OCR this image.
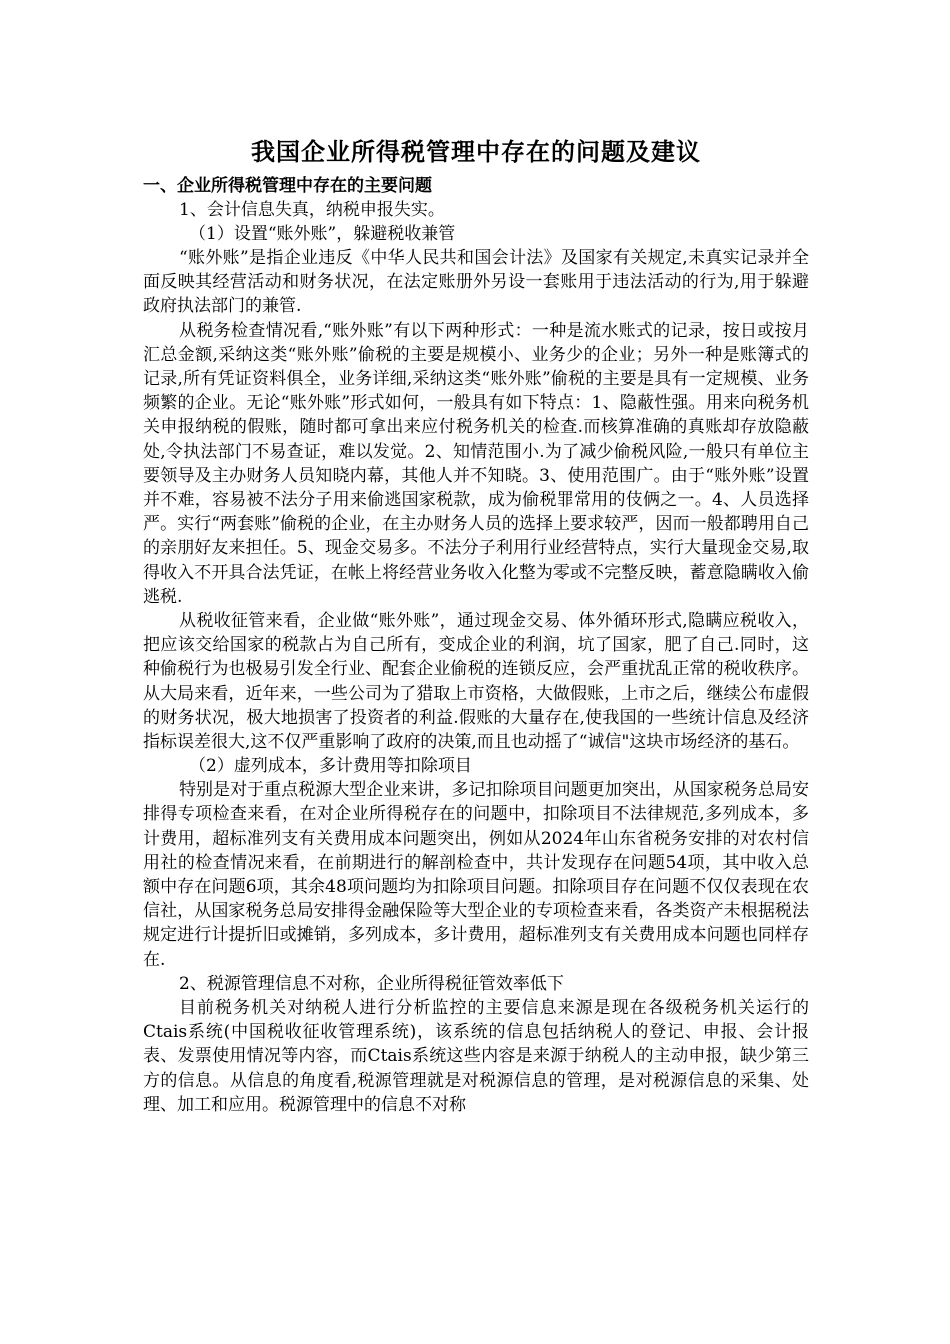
我国企业所得税管理中存在的问题及建议

一、企业所得税管理中存在的主要问题

1、会计信息失真，纳税申报失实。

（1）设置“账外账”，躲避税收兼管

“账外账”是指企业违反《中华人民共和国会计法》及国家有关规定,未真实记录并全面反映其经营活动和财务状况，在法定账册外另设一套账用于违法活动的行为,用于躲避政府执法部门的兼管.

从税务检查情况看,“账外账”有以下两种形式：一种是流水账式的记录，按日或按月汇总金额,采纳这类“账外账”偷税的主要是规模小、业务少的企业；另外一种是账簿式的记录,所有凭证资料俱全，业务详细,采纳这类“账外账”偷税的主要是具有一定规模、业务频繁的企业。无论“账外账”形式如何，一般具有如下特点：1、隐蔽性强。用来向税务机关申报纳税的假账，随时都可拿出来应付税务机关的检查.而核算准确的真账却存放隐蔽处,令执法部门不易查证，难以发觉。2、知情范围小.为了减少偷税风险,一般只有单位主要领导及主办财务人员知晓内幕，其他人并不知晓。3、使用范围广。由于“账外账”设置并不难，容易被不法分子用来偷逃国家税款，成为偷税罪常用的伎俩之一。4、人员选择严。实行“两套账”偷税的企业，在主办财务人员的选择上要求较严，因而一般都聘用自己的亲朋好友来担任。5、现金交易多。不法分子利用行业经营特点，实行大量现金交易,取得收入不开具合法凭证，在帐上将经营业务收入化整为零或不完整反映，蓄意隐瞒收入偷逃税.

从税收征管来看，企业做“账外账”，通过现金交易、体外循环形式,隐瞒应税收入，把应该交给国家的税款占为自己所有，变成企业的利润，坑了国家，肥了自己.同时，这种偷税行为也极易引发全行业、配套企业偷税的连锁反应，会严重扰乱正常的税收秩序。从大局来看，近年来，一些公司为了猎取上市资格，大做假账，上市之后，继续公布虚假的财务状况，极大地损害了投资者的利益.假账的大量存在,使我国的一些统计信息及经济指标误差很大,这不仅严重影响了政府的决策,而且也动摇了“诚信"这块市场经济的基石。

（2）虚列成本，多计费用等扣除项目

特别是对于重点税源大型企业来讲，多记扣除项目问题更加突出，从国家税务总局安排得专项检查来看，在对企业所得税存在的问题中，扣除项目不法律规范,多列成本，多计费用，超标准列支有关费用成本问题突出，例如从2024年山东省税务安排的对农村信用社的检查情况来看，在前期进行的解剖检查中，共计发现存在问题54项，其中收入总额中存在问题6项，其余48项问题均为扣除项目问题。扣除项目存在问题不仅仅表现在农信社，从国家税务总局安排得金融保险等大型企业的专项检查来看，各类资产未根据税法规定进行计提折旧或摊销，多列成本，多计费用，超标准列支有关费用成本问题也同样存在.

2、税源管理信息不对称，企业所得税征管效率低下

目前税务机关对纳税人进行分析监控的主要信息来源是现在各级税务机关运行的Ctais系统(中国税收征收管理系统)，该系统的信息包括纳税人的登记、申报、会计报表、发票使用情况等内容，而Ctais系统这些内容是来源于纳税人的主动申报，缺少第三方的信息。从信息的角度看,税源管理就是对税源信息的管理，是对税源信息的采集、处理、加工和应用。税源管理中的信息不对称
